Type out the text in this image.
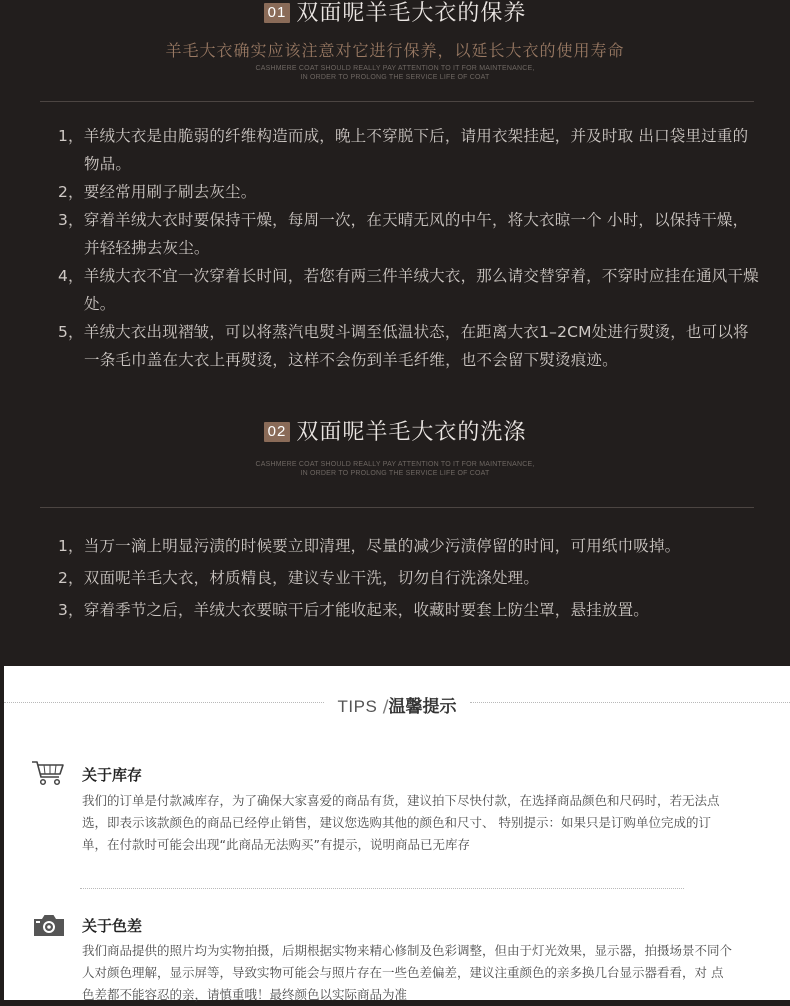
01 双面呢羊毛大衣的保养
羊毛大衣确实应该注意对它进行保养，以延长大衣的使用寿命
CASHMERE COAT SHOULD REALLY PAY ATTENTION TO IT FOR MAINTENANCE,
IN ORDER TO PROLONG THE SERVICE LIFE OF COAT
1，羊绒大衣是由脆弱的纤维构造而成，晚上不穿脱下后，请用衣架挂起，并及时取 出口袋里过重的物品。
2，要经常用刷子刷去灰尘。
3，穿着羊绒大衣时要保持干燥，每周一次，在天晴无风的中午，将大衣晾一个 小时，以保持干燥，并轻轻拂去灰尘。
4，羊绒大衣不宜一次穿着长时间，若您有两三件羊绒大衣，那么请交替穿着，不穿时应挂在通风干燥处。
5，羊绒大衣出现褶皱，可以将蒸汽电熨斗调至低温状态，在距离大衣1–2CM处进行熨烫，也可以将一条毛巾盖在大衣上再熨烫，这样不会伤到羊毛纤维，也不会留下熨烫痕迹。
02 双面呢羊毛大衣的洗涤
CASHMERE COAT SHOULD REALLY PAY ATTENTION TO IT FOR MAINTENANCE,
IN ORDER TO PROLONG THE SERVICE LIFE OF COAT
1，当万一滴上明显污渍的时候要立即清理，尽量的减少污渍停留的时间，可用纸巾吸掉。
2，双面呢羊毛大衣，材质精良，建议专业干洗，切勿自行洗涤处理。
3，穿着季节之后，羊绒大衣要晾干后才能收起来，收藏时要套上防尘罩，悬挂放置。
TIPS /温馨提示
关于库存

我们的订单是付款减库存，为了确保大家喜爱的商品有货，建议拍下尽快付款，在选择商品颜色和尺码时，若无法点选，即表示该款颜色的商品已经停止销售，建议您选购其他的颜色和尺寸、 特别提示：如果只是订购单位完成的订单，在付款时可能会出现“此商品无法购买”有提示，说明商品已无库存

关于色差

我们商品提供的照片均为实物拍摄，后期根据实物来精心修制及色彩调整，但由于灯光效果，显示器，拍摄场景不同个人对颜色理解，显示屏等，导致实物可能会与照片存在一些色差偏差，建议注重颜色的亲多换几台显示器看看，对 点色差都不能容忍的亲，请慎重哦！最终颜色以实际商品为准
